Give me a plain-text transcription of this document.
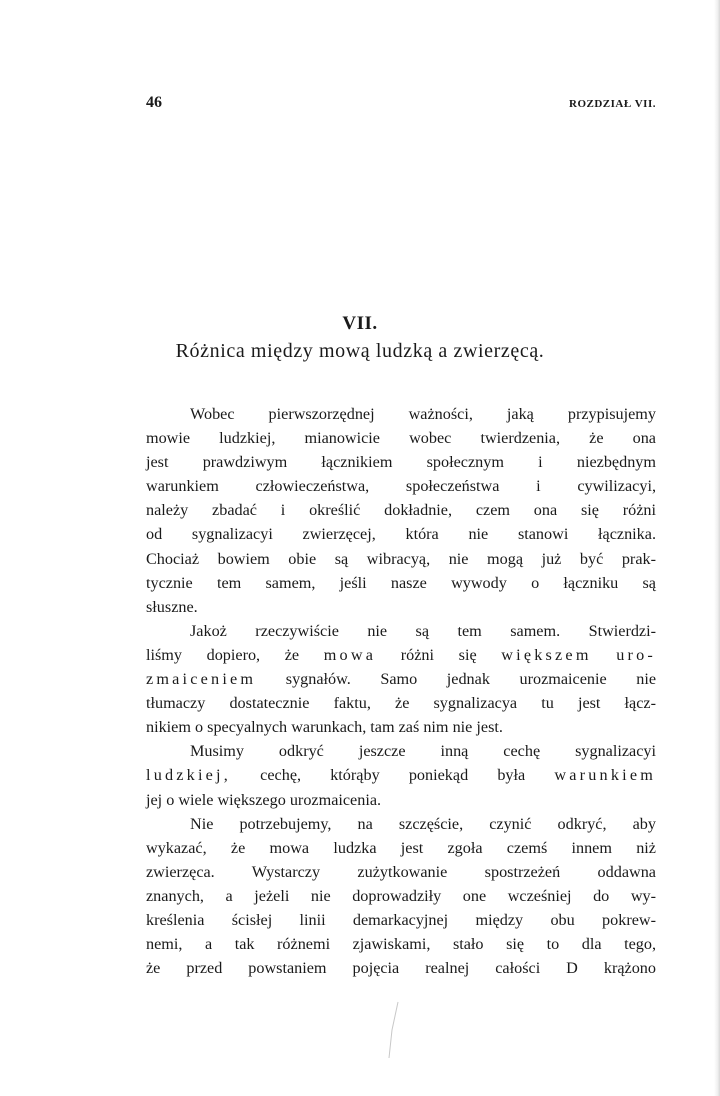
46	ROZDZIAŁ VII.
VII.
Różnica między mową ludzką a zwierzęcą.
Wobec pierwszorzędnej ważności, jaką przypisujemy
mowie ludzkiej, mianowicie wobec twierdzenia, że ona
jest prawdziwym łącznikiem społecznym i niezbędnym
warunkiem człowieczeństwa, społeczeństwa i cywilizacyi,
należy zbadać i określić dokładnie, czem ona się różni
od sygnalizacyi zwierzęcej, która nie stanowi łącznika.
Chociaż bowiem obie są wibracyą, nie mogą już być prak-
tycznie tem samem, jeśli nasze wywody o łączniku są
słuszne.
Jakoż rzeczywiście nie są tem samem. Stwierdzi-
liśmy dopiero, że mowa różni się większem uro-
zmaiceniem sygnałów. Samo jednak urozmaicenie nie
tłumaczy dostatecznie faktu, że sygnalizacya tu jest łącz-
nikiem o specyalnych warunkach, tam zaś nim nie jest.
Musimy odkryć jeszcze inną cechę sygnalizacyi
ludzkiej, cechę, którąby poniekąd była warunkiem
jej o wiele większego urozmaicenia.
Nie potrzebujemy, na szczęście, czynić odkryć, aby
wykazać, że mowa ludzka jest zgoła czemś innem niż
zwierzęca. Wystarczy zużytkowanie spostrzeżeń oddawna
znanych, a jeżeli nie doprowadziły one wcześniej do wy-
kreślenia ścisłej linii demarkacyjnej między obu pokrew-
nemi, a tak różnemi zjawiskami, stało się to dla tego,
że przed powstaniem pojęcia realnej całości D krążono
